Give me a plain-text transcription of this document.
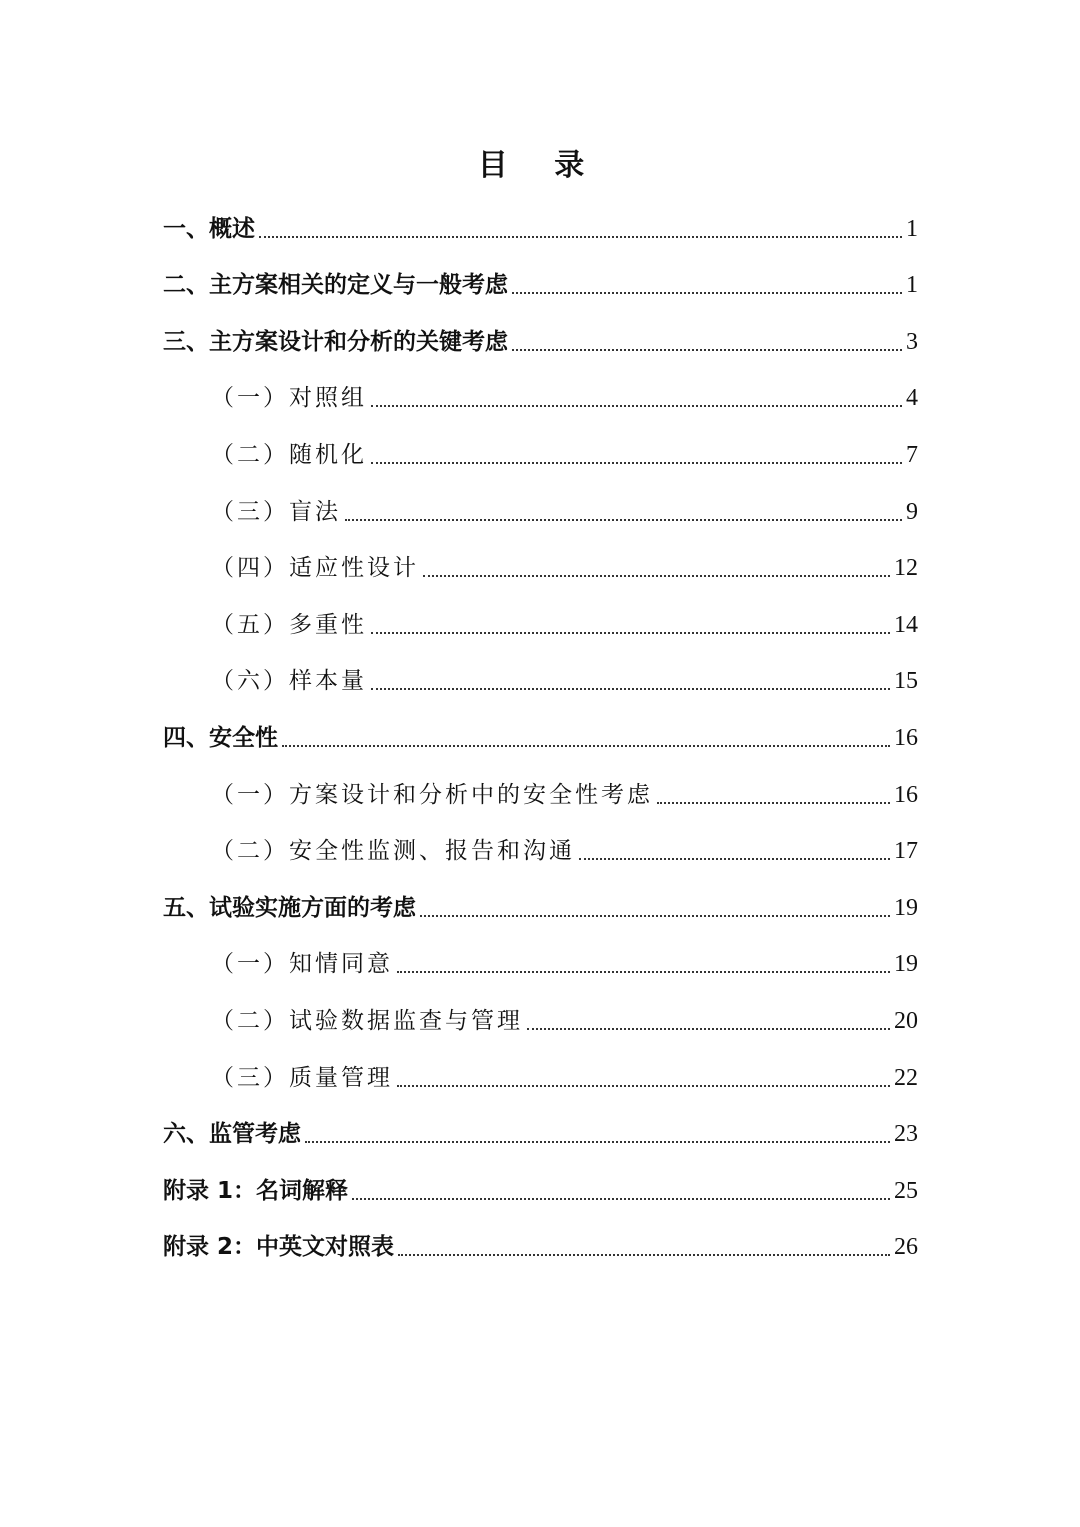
目 录
一、概述	1
二、主方案相关的定义与一般考虑	1
三、主方案设计和分析的关键考虑	3
（一）对照组	4
（二）随机化	7
（三）盲法	9
（四）适应性设计	12
（五）多重性	14
（六）样本量	15
四、安全性	16
（一）方案设计和分析中的安全性考虑	16
（二）安全性监测、报告和沟通	17
五、试验实施方面的考虑	19
（一）知情同意	19
（二）试验数据监查与管理	20
（三）质量管理	22
六、监管考虑	23
附录 1：名词解释	25
附录 2：中英文对照表	26
